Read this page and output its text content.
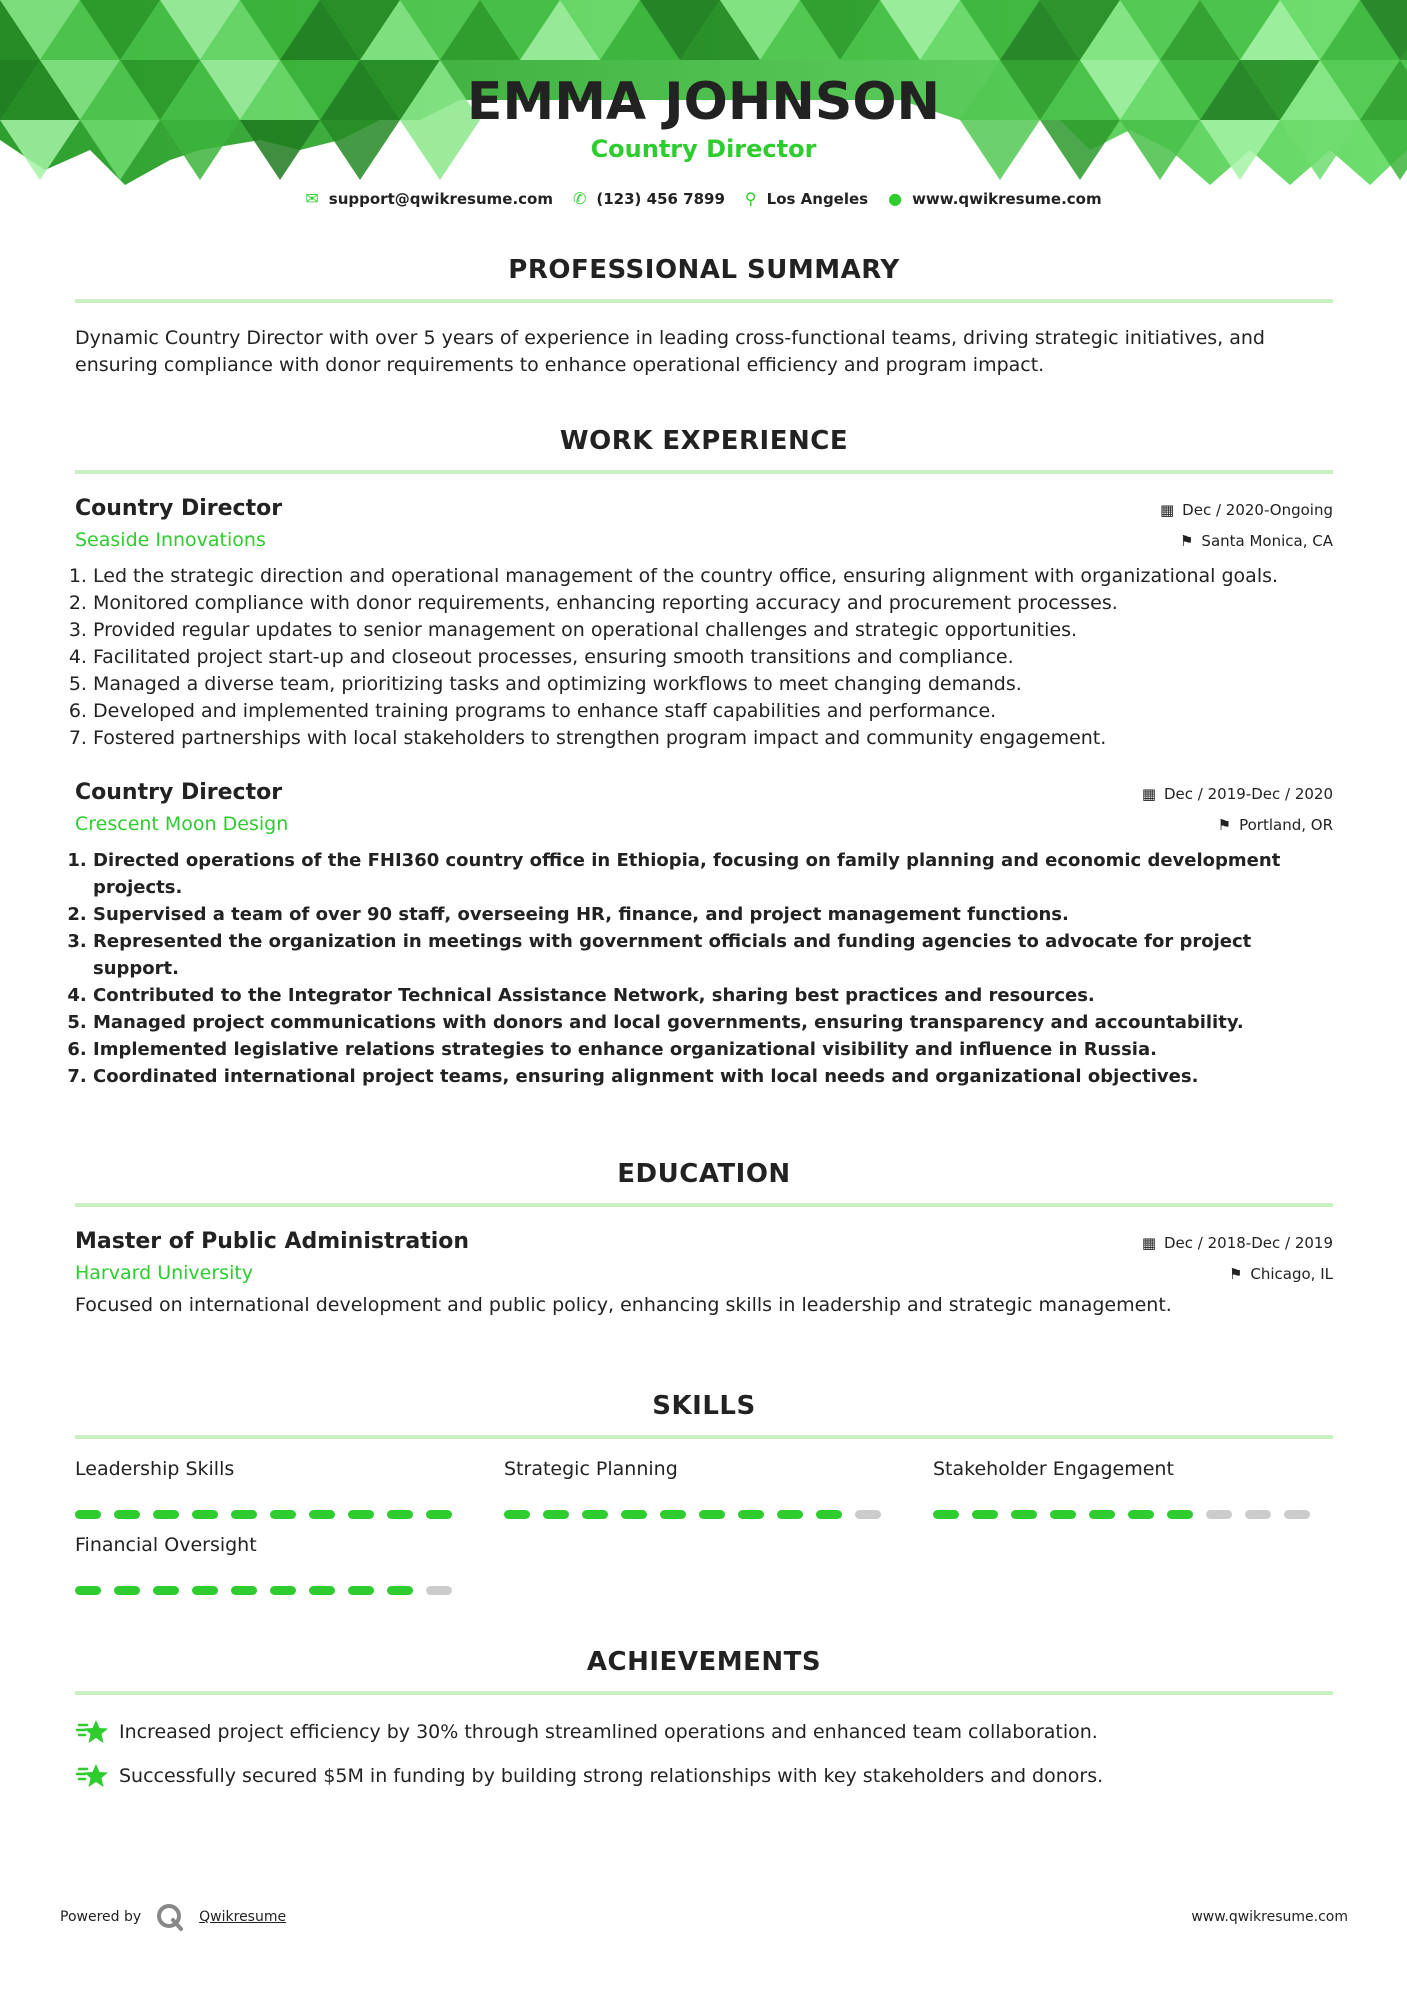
EMMA JOHNSON
Country Director
✉ support@qwikresume.com ✆ (123) 456 7899 ⚲ Los Angeles ● www.qwikresume.com
PROFESSIONAL SUMMARY
Dynamic Country Director with over 5 years of experience in leading cross-functional teams, driving strategic initiatives, and ensuring compliance with donor requirements to enhance operational efficiency and program impact.
WORK EXPERIENCE
Country Director	▦ Dec / 2020-Ongoing
Seaside Innovations	⚑ Santa Monica, CA
1. Led the strategic direction and operational management of the country office, ensuring alignment with organizational goals.
2. Monitored compliance with donor requirements, enhancing reporting accuracy and procurement processes.
3. Provided regular updates to senior management on operational challenges and strategic opportunities.
4. Facilitated project start-up and closeout processes, ensuring smooth transitions and compliance.
5. Managed a diverse team, prioritizing tasks and optimizing workflows to meet changing demands.
6. Developed and implemented training programs to enhance staff capabilities and performance.
7. Fostered partnerships with local stakeholders to strengthen program impact and community engagement.
Country Director	▦ Dec / 2019-Dec / 2020
Crescent Moon Design	⚑ Portland, OR
1. Directed operations of the FHI360 country office in Ethiopia, focusing on family planning and economic development projects.
2. Supervised a team of over 90 staff, overseeing HR, finance, and project management functions.
3. Represented the organization in meetings with government officials and funding agencies to advocate for project support.
4. Contributed to the Integrator Technical Assistance Network, sharing best practices and resources.
5. Managed project communications with donors and local governments, ensuring transparency and accountability.
6. Implemented legislative relations strategies to enhance organizational visibility and influence in Russia.
7. Coordinated international project teams, ensuring alignment with local needs and organizational objectives.
EDUCATION
Master of Public Administration	▦ Dec / 2018-Dec / 2019
Harvard University	⚑ Chicago, IL
Focused on international development and public policy, enhancing skills in leadership and strategic management.
SKILLS
Leadership Skills	Strategic Planning	Stakeholder Engagement
Financial Oversight
ACHIEVEMENTS
Increased project efficiency by 30% through streamlined operations and enhanced team collaboration.
Successfully secured $5M in funding by building strong relationships with key stakeholders and donors.
Powered by	Qwikresume	www.qwikresume.com
